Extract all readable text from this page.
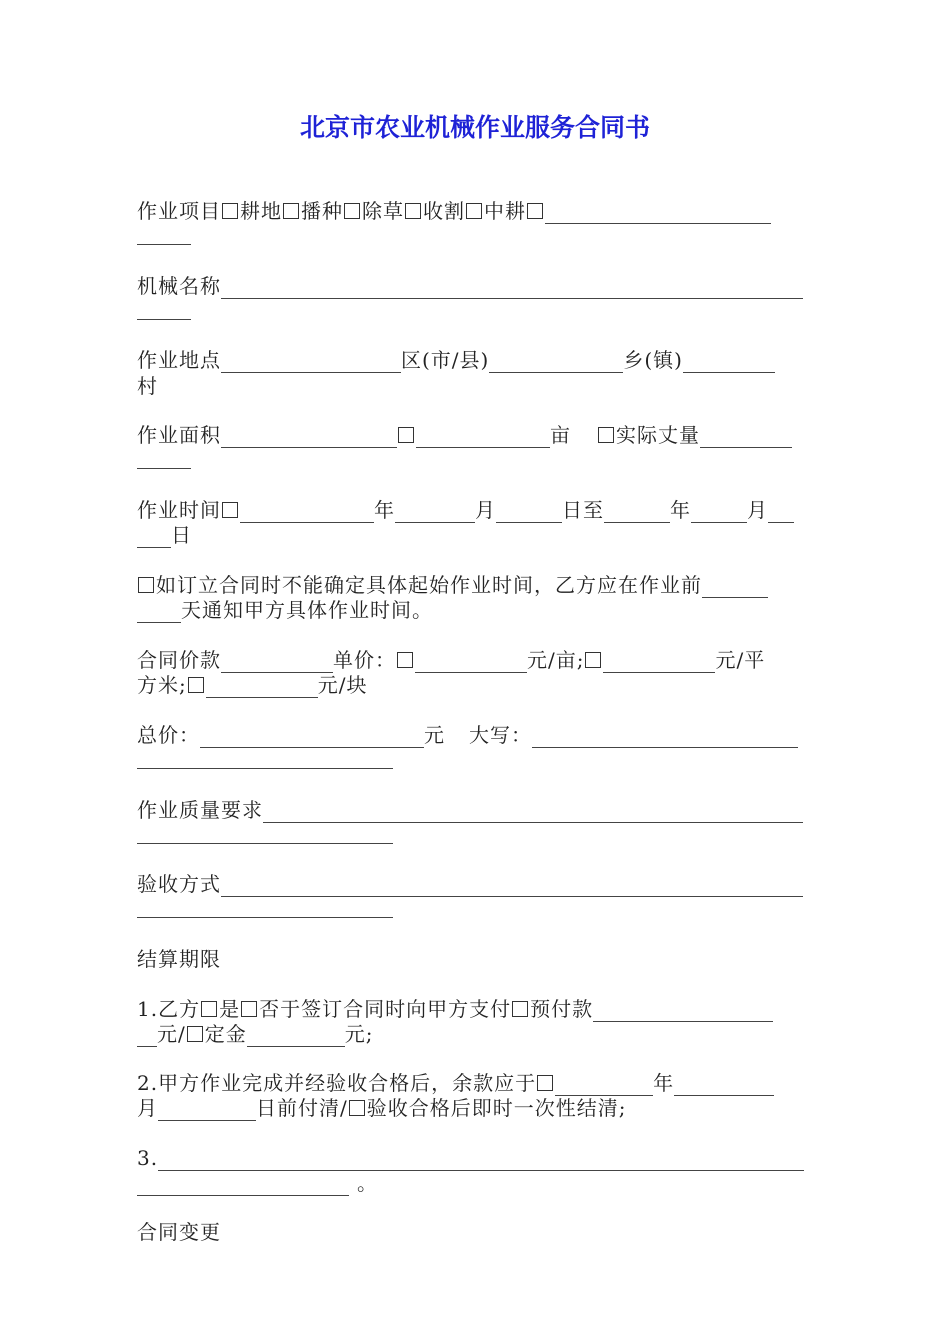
北京市农业机械作业服务合同书
作业项目 耕地 播种 除草 收割 中耕
机械名称
作业地点	区(市/县)	乡(镇)
村
作业面积	亩 实际丈量
作业时间	年	月	日至	年	月
日
如订立合同时不能确定具体起始作业时间，乙方应在作业前
天通知甲方具体作业时间。
合同价款	单价：	元/亩;	元/平
方米;	元/块
总价：	元 大写：
作业质量要求
验收方式
结算期限
1.乙方 是 否于签订合同时向甲方支付 预付款
元/ 定金	元;
2.甲方作业完成并经验收合格后，余款应于	年
月	日前付清/ 验收合格后即时一次性结清;
3.
。
合同变更
